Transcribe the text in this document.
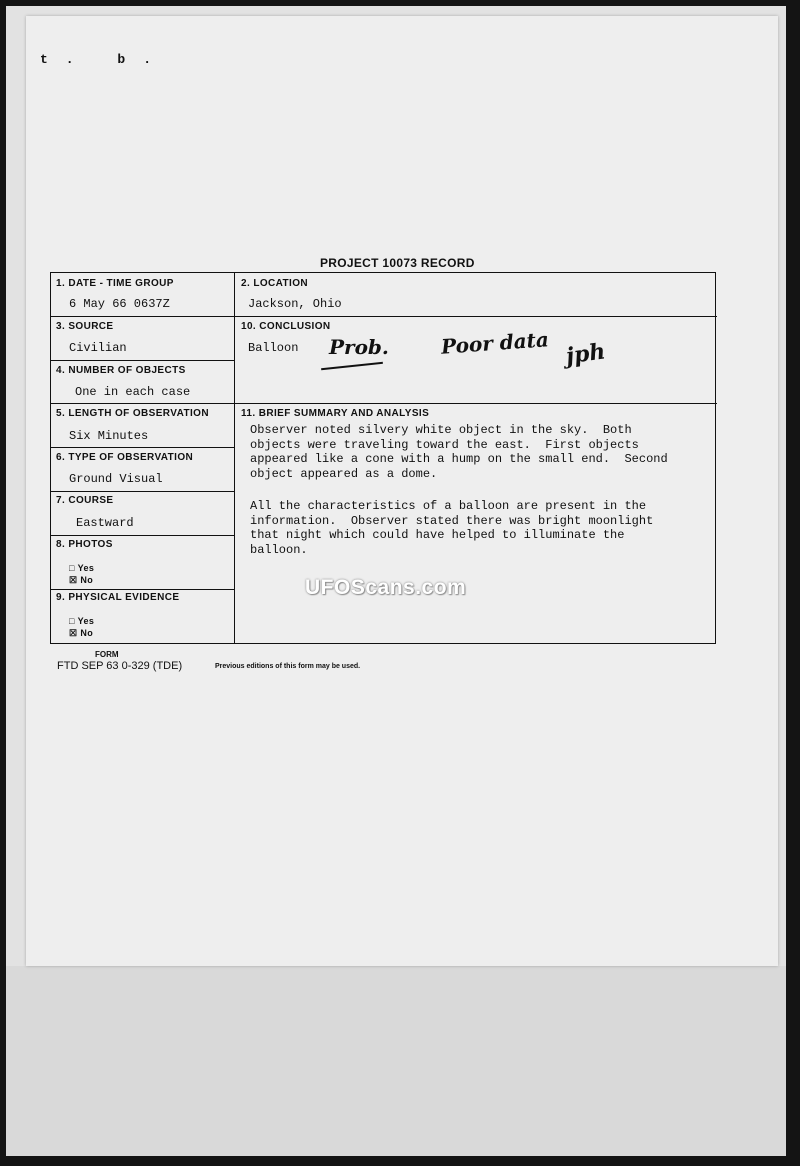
t. b.
PROJECT 10073 RECORD
1. DATE - TIME GROUP
6 May 66 0637Z
2. LOCATION
Jackson, Ohio
3. SOURCE
Civilian
10. CONCLUSION
Balloon Prob.	Poor data jph
4. NUMBER OF OBJECTS
One in each case
5. LENGTH OF OBSERVATION
Six Minutes
11. BRIEF SUMMARY AND ANALYSIS
Observer noted silvery white object in the sky.  Both
objects were traveling toward the east.  First objects
appeared like a cone with a hump on the small end.  Second
object appeared as a dome.
All the characteristics of a balloon are present in the
information.  Observer stated there was bright moonlight
that night which could have helped to illuminate the
balloon.
6. TYPE OF OBSERVATION
Ground Visual
7. COURSE
Eastward
8. PHOTOS
□ Yes
☒ No
9. PHYSICAL EVIDENCE
□ Yes
☒ No
UFOScans.com
FORM
FTD SEP 63 0-329 (TDE)	Previous editions of this form may be used.
